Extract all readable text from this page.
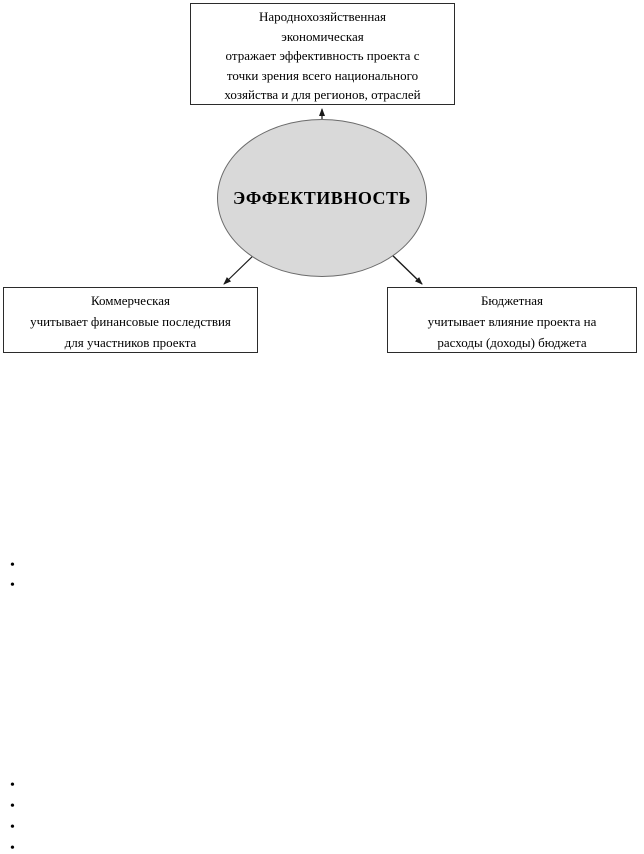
Народнохозяйственная
экономическая
отражает эффективность проекта с
точки зрения всего национального
хозяйства и для регионов, отраслей
ЭФФЕКТИВНОСТЬ
Коммерческая
учитывает финансовые последствия
для участников проекта
Бюджетная
учитывает влияние проекта на
расходы (доходы) бюджета
•
•
•
•
•
•
